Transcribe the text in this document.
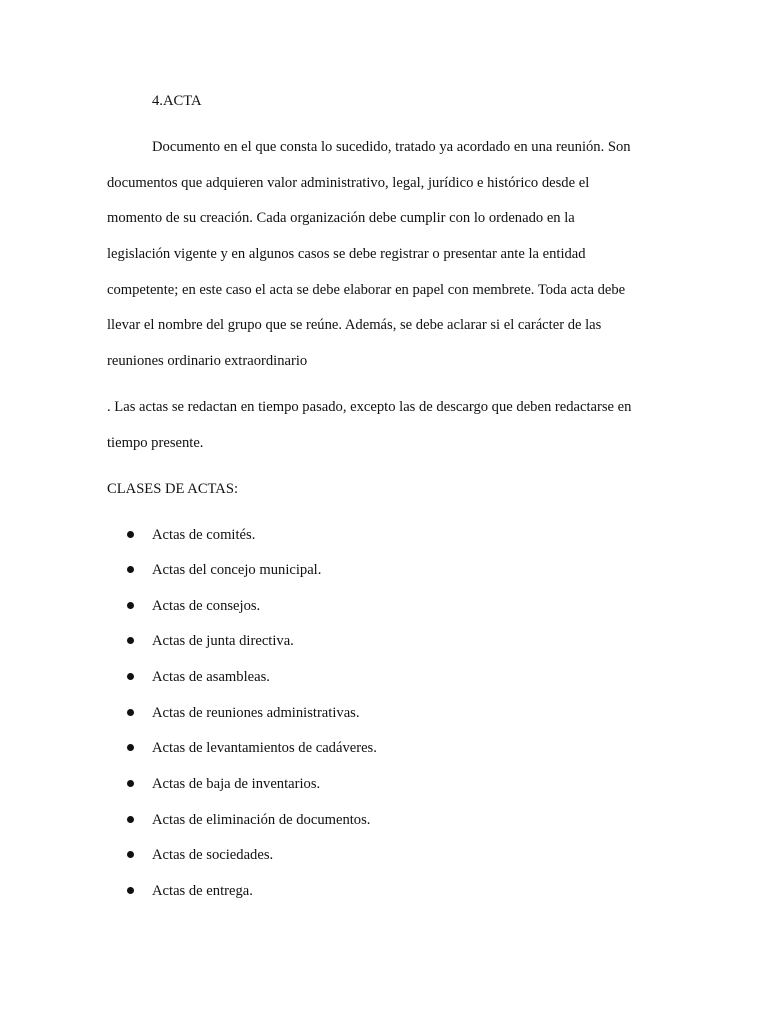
4.ACTA
Documento en el que consta lo sucedido, tratado ya acordado en una reunión. Son
documentos que adquieren valor administrativo, legal, jurídico e histórico desde el
momento de su creación. Cada organización debe cumplir con lo ordenado en la
legislación vigente y en algunos casos se debe registrar o presentar ante la entidad
competente; en este caso el acta se debe elaborar en papel con membrete. Toda acta debe
llevar el nombre del grupo que se reúne. Además, se debe aclarar si el carácter de las
reuniones ordinario extraordinario
. Las actas se redactan en tiempo pasado, excepto las de descargo que deben redactarse en
tiempo presente.
CLASES DE ACTAS:
Actas de comités.
Actas del concejo municipal.
Actas de consejos.
Actas de junta directiva.
Actas de asambleas.
Actas de reuniones administrativas.
Actas de levantamientos de cadáveres.
Actas de baja de inventarios.
Actas de eliminación de documentos.
Actas de sociedades.
Actas de entrega.
